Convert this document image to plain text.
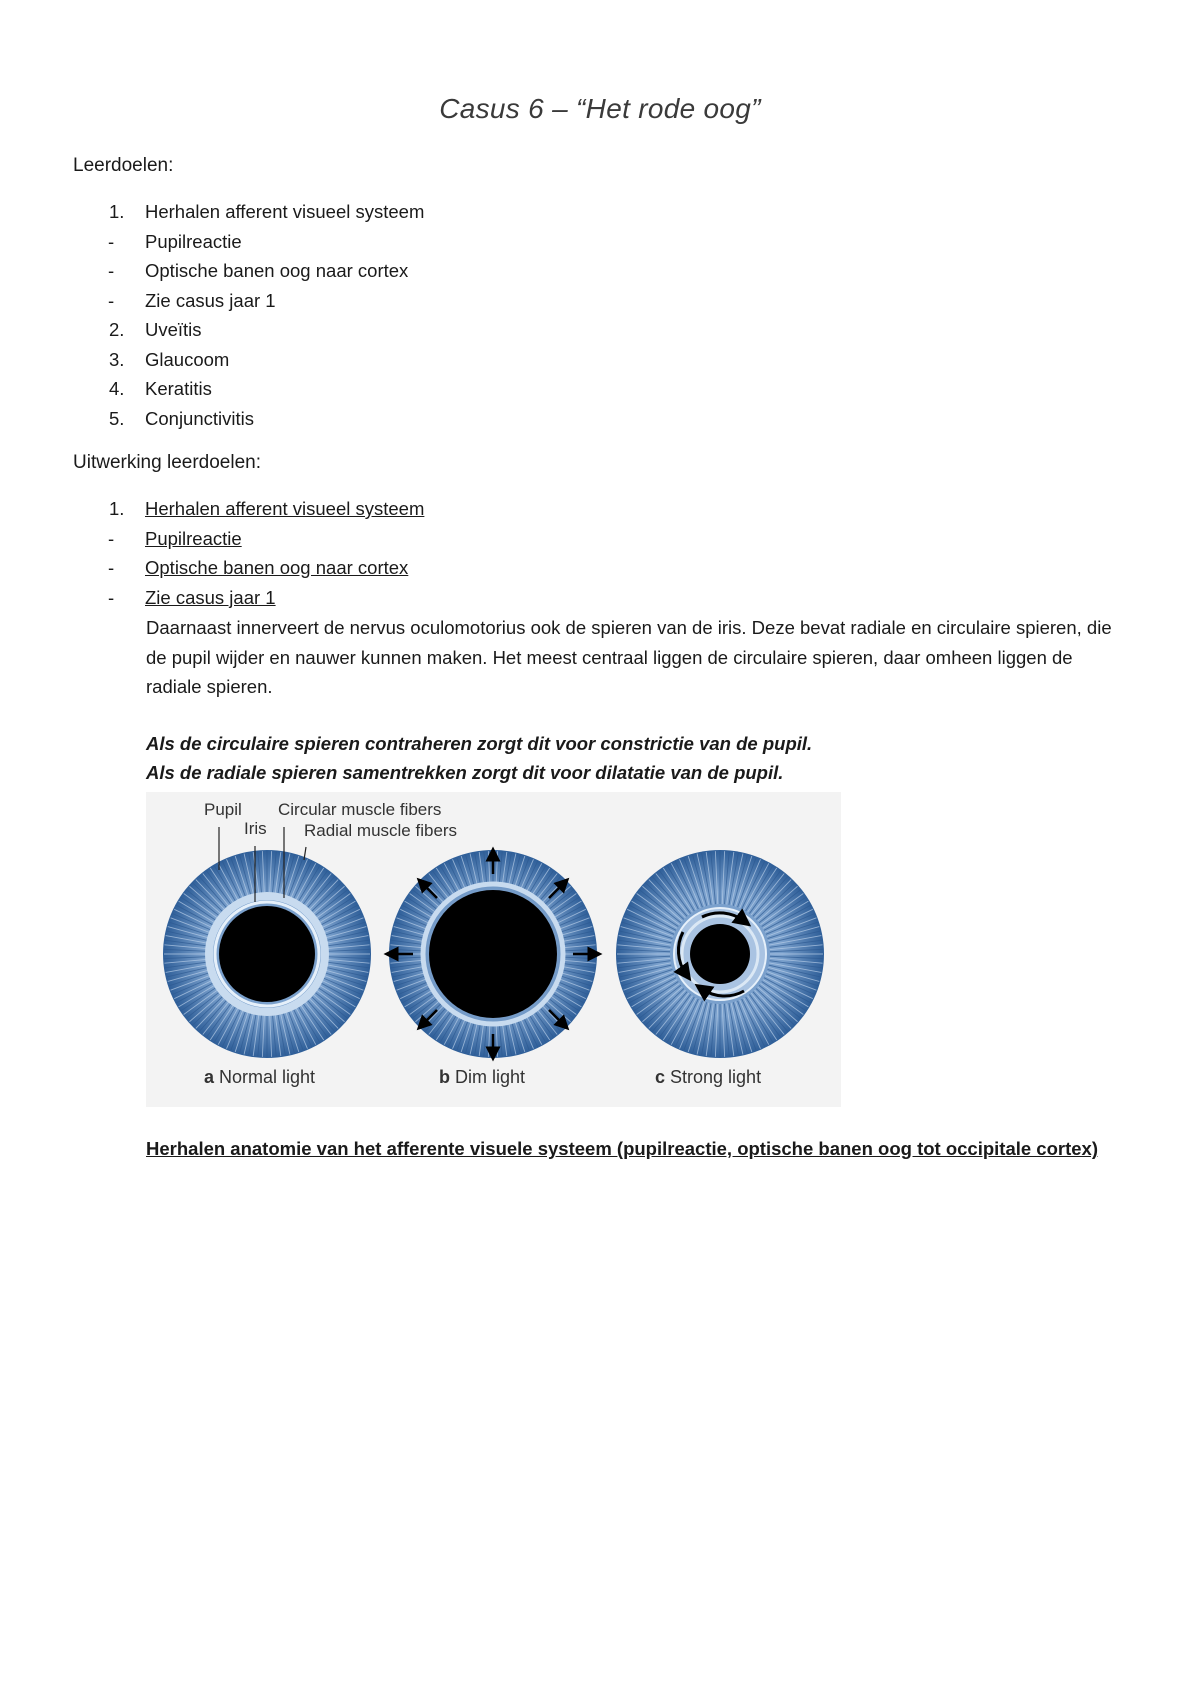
Casus 6 – “Het rode oog”
Leerdoelen:
1. Herhalen afferent visueel systeem
- Pupilreactie
- Optische banen oog naar cortex
- Zie casus jaar 1
2. Uveïtis
3. Glaucoom
4. Keratitis
5. Conjunctivitis
Uitwerking leerdoelen:
1. Herhalen afferent visueel systeem
- Pupilreactie
- Optische banen oog naar cortex
- Zie casus jaar 1

Daarnaast innerveert de nervus oculomotorius ook de spieren van de iris. Deze bevat radiale en circulaire spieren, die de pupil wijder en nauwer kunnen maken. Het meest centraal liggen de circulaire spieren, daar omheen liggen de radiale spieren.

Als de circulaire spieren contraheren zorgt dit voor constrictie van de pupil.
Als de radiale spieren samentrekken zorgt dit voor dilatatie van de pupil.
Pupil
Iris
Circular muscle fibers
Radial muscle fibers
a Normal light	b Dim light	c Strong light
Herhalen anatomie van het afferente visuele systeem (pupilreactie, optische banen oog tot occipitale cortex)
